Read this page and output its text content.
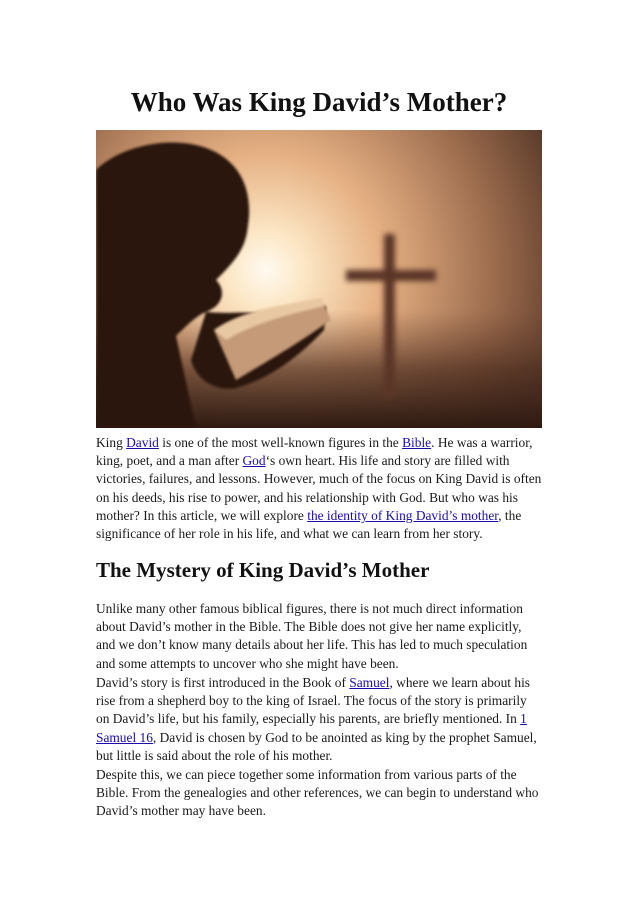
Who Was King David’s Mother?

King David is one of the most well-known figures in the Bible. He was a warrior, king, poet, and a man after God‘s own heart. His life and story are filled with victories, failures, and lessons. However, much of the focus on King David is often on his deeds, his rise to power, and his relationship with God. But who was his mother? In this article, we will explore the identity of King David’s mother, the significance of her role in his life, and what we can learn from her story.

The Mystery of King David’s Mother

Unlike many other famous biblical figures, there is not much direct information about David’s mother in the Bible. The Bible does not give her name explicitly, and we don’t know many details about her life. This has led to much speculation and some attempts to uncover who she might have been.

David’s story is first introduced in the Book of Samuel, where we learn about his rise from a shepherd boy to the king of Israel. The focus of the story is primarily on David’s life, but his family, especially his parents, are briefly mentioned. In 1 Samuel 16, David is chosen by God to be anointed as king by the prophet Samuel, but little is said about the role of his mother.

Despite this, we can piece together some information from various parts of the Bible. From the genealogies and other references, we can begin to understand who David’s mother may have been.
